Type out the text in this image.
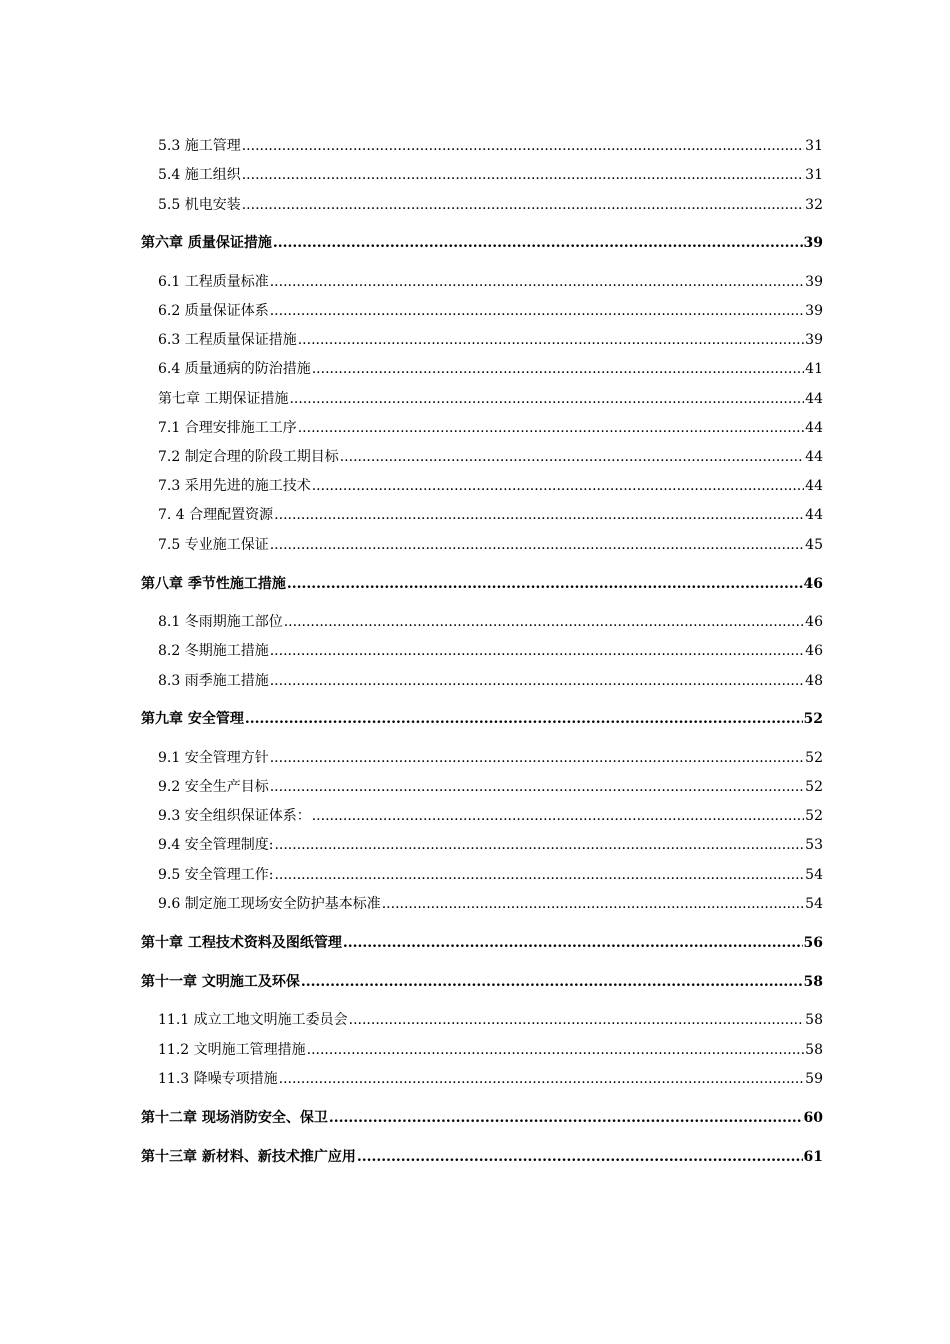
5.3 施工管理 .....	31
5.4 施工组织 .....	31
5.5 机电安装 .....	32
第六章 质量保证措施 .....	39
6.1 工程质量标准 .....	39
6.2 质量保证体系 .....	39
6.3 工程质量保证措施 .....	39
6.4 质量通病的防治措施 .....	41
第七章 工期保证措施 .....	44
7.1 合理安排施工工序 .....	44
7.2 制定合理的阶段工期目标 .....	44
7.3 采用先进的施工技术 .....	44
7. 4 合理配置资源 .....	44
7.5 专业施工保证 .....	45
第八章 季节性施工措施 .....	46
8.1 冬雨期施工部位 .....	46
8.2 冬期施工措施 .....	46
8.3 雨季施工措施 .....	48
第九章 安全管理 .....	52
9.1 安全管理方针 .....	52
9.2 安全生产目标 .....	52
9.3 安全组织保证体系： .....	52
9.4 安全管理制度: .....	53
9.5 安全管理工作: .....	54
9.6 制定施工现场安全防护基本标准 .....	54
第十章 工程技术资料及图纸管理 .....	56
第十一章 文明施工及环保 .....	58
11.1 成立工地文明施工委员会 .....	58
11.2 文明施工管理措施 .....	58
11.3 降噪专项措施 .....	59
第十二章 现场消防安全、保卫 .....	60
第十三章 新材料、新技术推广应用 .....	61
